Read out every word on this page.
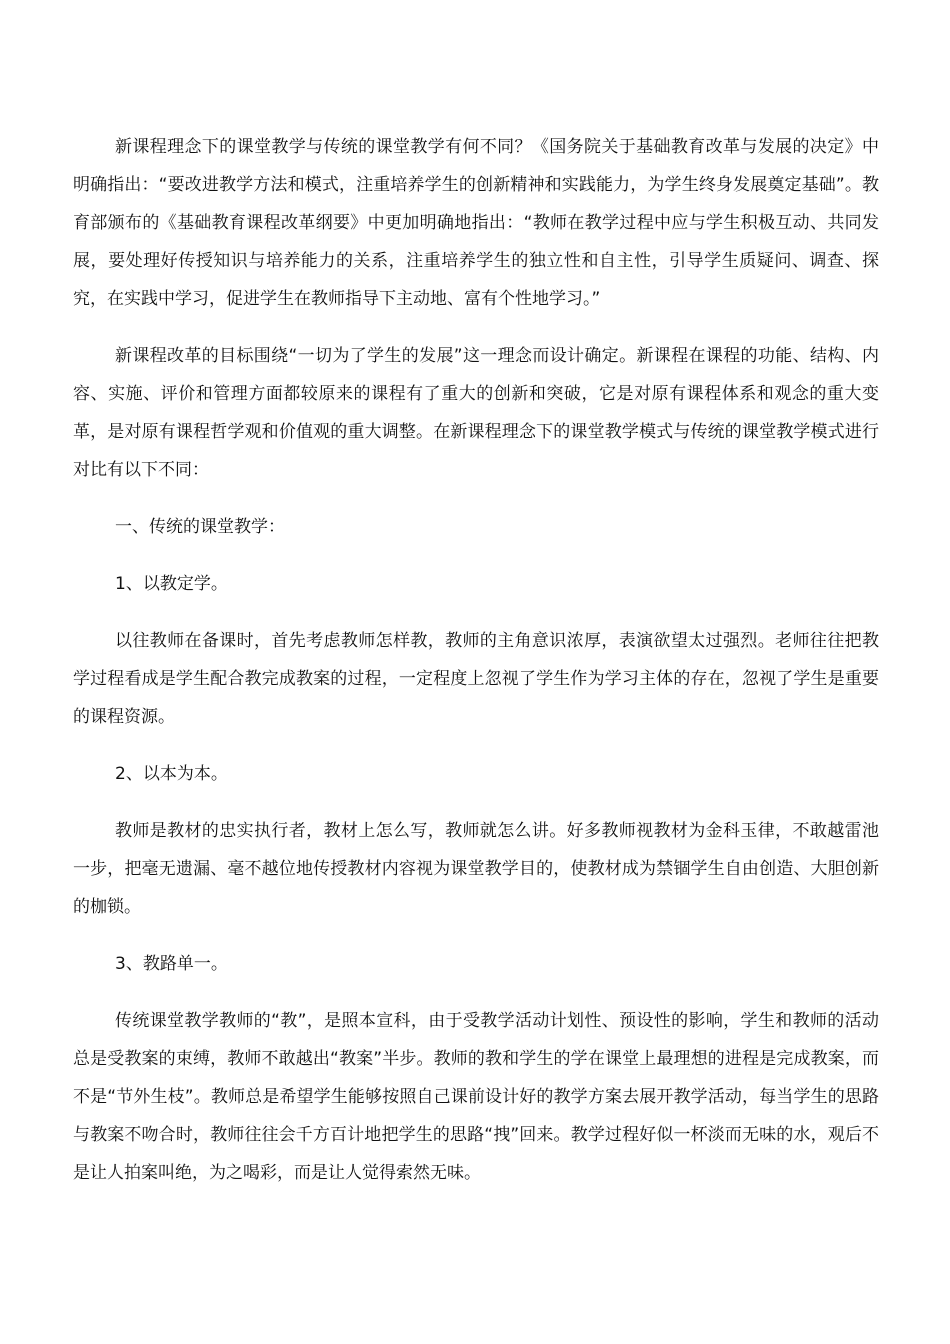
新课程理念下的课堂教学与传统的课堂教学有何不同？《国务院关于基础教育改革与发展的决定》中明确指出：“要改进教学方法和模式，注重培养学生的创新精神和实践能力，为学生终身发展奠定基础”。教育部颁布的《基础教育课程改革纲要》中更加明确地指出：“教师在教学过程中应与学生积极互动、共同发展，要处理好传授知识与培养能力的关系，注重培养学生的独立性和自主性，引导学生质疑问、调查、探究，在实践中学习，促进学生在教师指导下主动地、富有个性地学习。”

新课程改革的目标围绕“一切为了学生的发展”这一理念而设计确定。新课程在课程的功能、结构、内容、实施、评价和管理方面都较原来的课程有了重大的创新和突破，它是对原有课程体系和观念的重大变革，是对原有课程哲学观和价值观的重大调整。在新课程理念下的课堂教学模式与传统的课堂教学模式进行对比有以下不同：

一、传统的课堂教学：

1、以教定学。

以往教师在备课时，首先考虑教师怎样教，教师的主角意识浓厚，表演欲望太过强烈。老师往往把教学过程看成是学生配合教完成教案的过程，一定程度上忽视了学生作为学习主体的存在，忽视了学生是重要的课程资源。

2、以本为本。

教师是教材的忠实执行者，教材上怎么写，教师就怎么讲。好多教师视教材为金科玉律，不敢越雷池一步，把毫无遗漏、毫不越位地传授教材内容视为课堂教学目的，使教材成为禁锢学生自由创造、大胆创新的枷锁。

3、教路单一。

传统课堂教学教师的“教”，是照本宣科，由于受教学活动计划性、预设性的影响，学生和教师的活动总是受教案的束缚，教师不敢越出“教案”半步。教师的教和学生的学在课堂上最理想的进程是完成教案，而不是“节外生枝”。教师总是希望学生能够按照自己课前设计好的教学方案去展开教学活动，每当学生的思路与教案不吻合时，教师往往会千方百计地把学生的思路“拽”回来。教学过程好似一杯淡而无味的水，观后不是让人拍案叫绝，为之喝彩，而是让人觉得索然无味。
